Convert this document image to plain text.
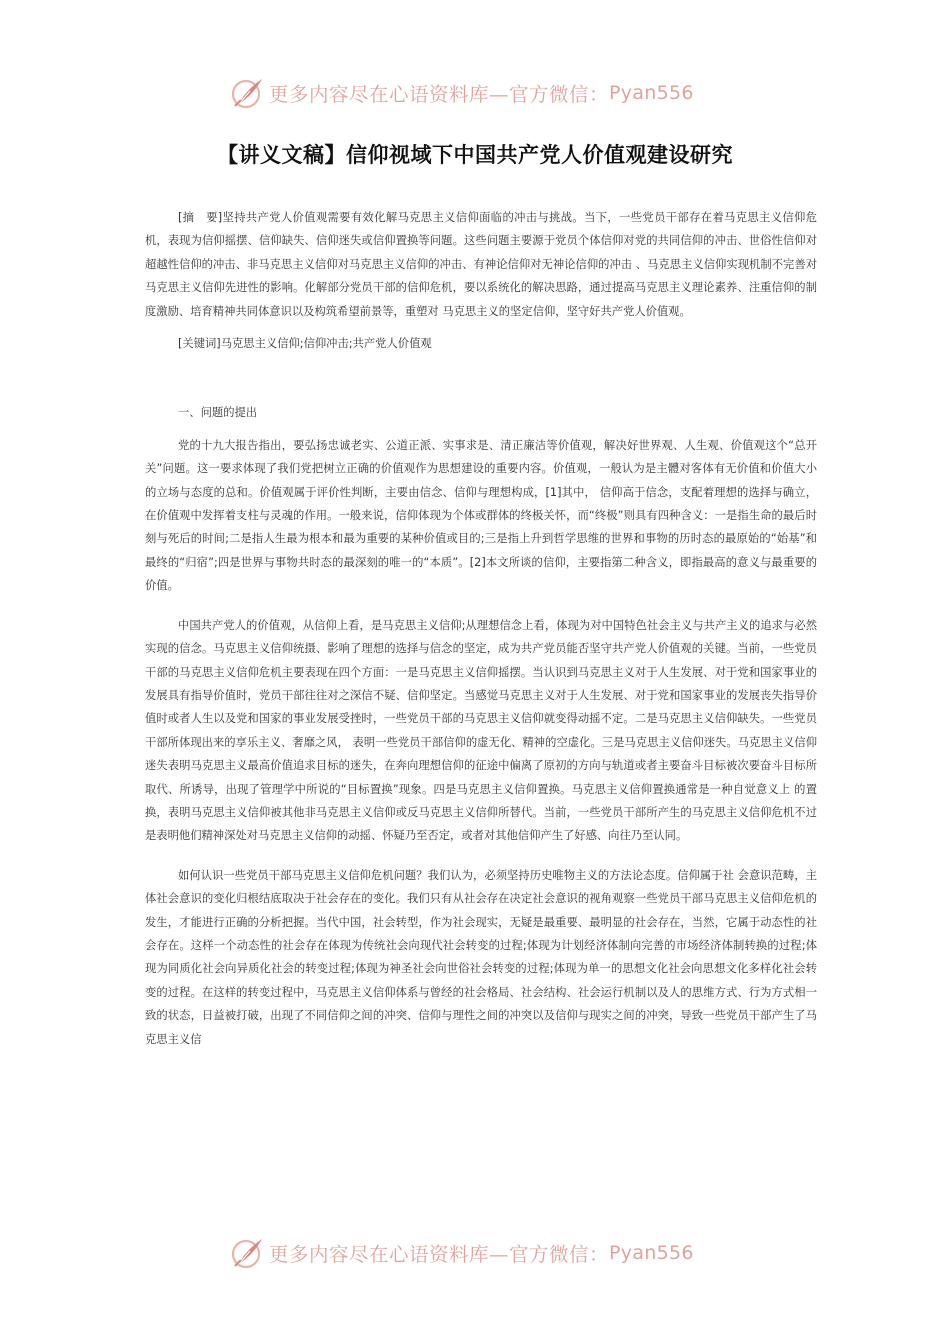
更多内容尽在心语资料库—官方微信： Pyan556
【讲义文稿】信仰视域下中国共产党人价值观建设研究

[摘　要]坚持共产党人价值观需要有效化解马克思主义信仰面临的冲击与挑战。当下，一些党员干部存在着马克思主义信仰危机，表现为信仰摇摆、信仰缺失、信仰迷失或信仰置换等问题。这些问题主要源于党员个体信仰对党的共同信仰的冲击、世俗性信仰对超越性信仰的冲击、非马克思主义信仰对马克思主义信仰的冲击、有神论信仰对无神论信仰的冲击 、马克思主义信仰实现机制不完善对马克思主义信仰先进性的影响。化解部分党员干部的信仰危机，要以系统化的解决思路，通过提高马克思主义理论素养、注重信仰的制度激励、培育精神共同体意识以及构筑希望前景等，重塑对 马克思主义的坚定信仰，坚守好共产党人价值观。

[关键词]马克思主义信仰;信仰冲击;共产党人价值观

一、问题的提出

党的十九大报告指出，要弘扬忠诚老实、公道正派、实事求是、清正廉洁等价值观，解决好世界观、人生观、价值观这个“总开关”问题。这一要求体现了我们党把树立正确的价值观作为思想建设的重要内容。价值观，一般认为是主體对客体有无价值和价值大小的立场与态度的总和。价值观属于评价性判断，主要由信念、信仰与理想构成，[1]其中， 信仰高于信念，支配着理想的选择与确立，在价值观中发挥着支柱与灵魂的作用。一般来说，信仰体现为个体或群体的终极关怀，而“终极”则具有四种含义：一是指生命的最后时刻与死后的时间;二是指人生最为根本和最为重要的某种价值或目的;三是指上升到哲学思维的世界和事物的历时态的最原始的“始基”和最终的“归宿”;四是世界与事物共时态的最深刻的唯一的“本质”。[2]本文所谈的信仰，主要指第二种含义，即指最高的意义与最重要的价值。

中国共产党人的价值观，从信仰上看，是马克思主义信仰;从理想信念上看，体现为对中国特色社会主义与共产主义的追求与必然实现的信念。马克思主义信仰统摄、影响了理想的选择与信念的坚定，成为共产党员能否坚守共产党人价值观的关键。当前，一些党员干部的马克思主义信仰危机主要表现在四个方面：一是马克思主义信仰摇摆。当认识到马克思主义对于人生发展、对于党和国家事业的发展具有指导价值时，党员干部往往对之深信不疑、信仰坚定。当感觉马克思主义对于人生发展、对于党和国家事业的发展丧失指导价值时或者人生以及党和国家的事业发展受挫时，一些党员干部的马克思主义信仰就变得动摇不定。二是马克思主义信仰缺失。一些党员干部所体现出来的享乐主义、奢靡之风， 表明一些党员干部信仰的虚无化、精神的空虚化。三是马克思主义信仰迷失。马克思主义信仰迷失表明马克思主义最高价值追求目标的迷失，在奔向理想信仰的征途中偏离了原初的方向与轨道或者主要奋斗目标被次要奋斗目标所取代、所诱导，出现了管理学中所说的“目标置换”现象。四是马克思主义信仰置换。马克思主义信仰置换通常是一种自觉意义上 的置换，表明马克思主义信仰被其他非马克思主义信仰或反马克思主义信仰所替代。当前，一些党员干部所产生的马克思主义信仰危机不过是表明他们精神深处对马克思主义信仰的动摇、怀疑乃至否定，或者对其他信仰产生了好感、向往乃至认同。

如何认识一些党员干部马克思主义信仰危机问题？我们认为，必须坚持历史唯物主义的方法论态度。信仰属于社 会意识范畴，主体社会意识的变化归根结底取决于社会存在的变化。我们只有从社会存在决定社会意识的视角观察一些党员干部马克思主义信仰危机的发生，才能进行正确的分析把握。当代中国，社会转型，作为社会现实，无疑是最重要、最明显的社会存在，当然，它属于动态性的社会存在。这样一个动态性的社会存在体现为传统社会向现代社会转变的过程;体现为计划经济体制向完善的市场经济体制转换的过程;体现为同质化社会向异质化社会的转变过程;体现为神圣社会向世俗社会转变的过程;体现为单一的思想文化社会向思想文化多样化社会转变的过程。在这样的转变过程中，马克思主义信仰体系与曾经的社会格局、社会结构、社会运行机制以及人的思维方式、行为方式相一致的状态，日益被打破，出现了不同信仰之间的冲突、信仰与理性之间的冲突以及信仰与现实之间的冲突，导致一些党员干部产生了马克思主义信

更多内容尽在心语资料库—官方微信： Pyan556
